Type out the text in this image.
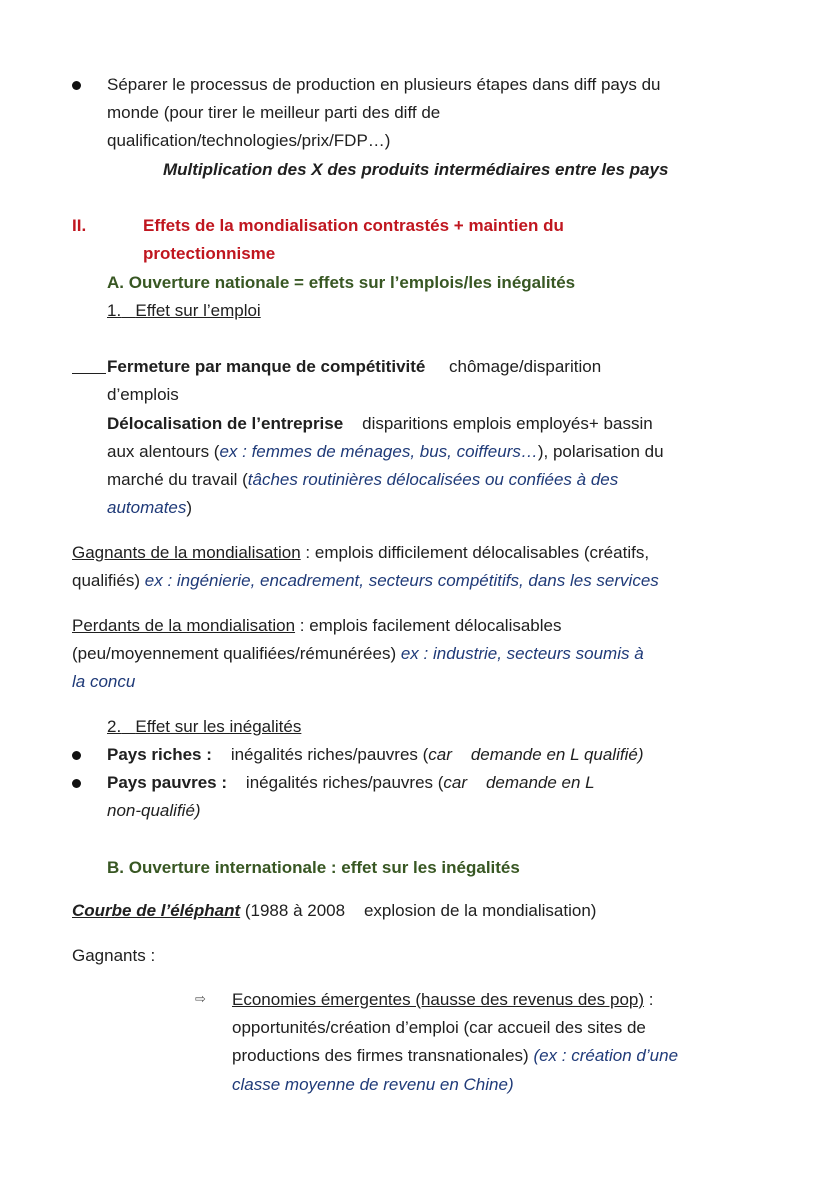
Séparer le processus de production en plusieurs étapes dans diff pays du
monde (pour tirer le meilleur parti des diff de
qualification/technologies/prix/FDP…)
Multiplication des X des produits intermédiaires entre les pays
II.	Effets de la mondialisation contrastés + maintien du
protectionnisme
A. Ouverture nationale = effets sur l’emplois/les inégalités
1. Effet sur l’emploi
Fermeture par manque de compétitivité chômage/disparition
d’emplois
Délocalisation de l’entreprise disparitions emplois employés+ bassin
aux alentours (ex : femmes de ménages, bus, coiffeurs…), polarisation du
marché du travail (tâches routinières délocalisées ou confiées à des
automates)
Gagnants de la mondialisation : emplois difficilement délocalisables (créatifs,
qualifiés) ex : ingénierie, encadrement, secteurs compétitifs, dans les services
Perdants de la mondialisation : emplois facilement délocalisables
(peu/moyennement qualifiées/rémunérées) ex : industrie, secteurs soumis à
la concu
2. Effet sur les inégalités
Pays riches : inégalités riches/pauvres (car demande en L qualifié)
Pays pauvres : inégalités riches/pauvres (car demande en L
non-qualifié)
B. Ouverture internationale : effet sur les inégalités
Courbe de l’éléphant (1988 à 2008 explosion de la mondialisation)
Gagnants :
⇨ Economies émergentes (hausse des revenus des pop) :
opportunités/création d’emploi (car accueil des sites de
productions des firmes transnationales) (ex : création d’une
classe moyenne de revenu en Chine)
